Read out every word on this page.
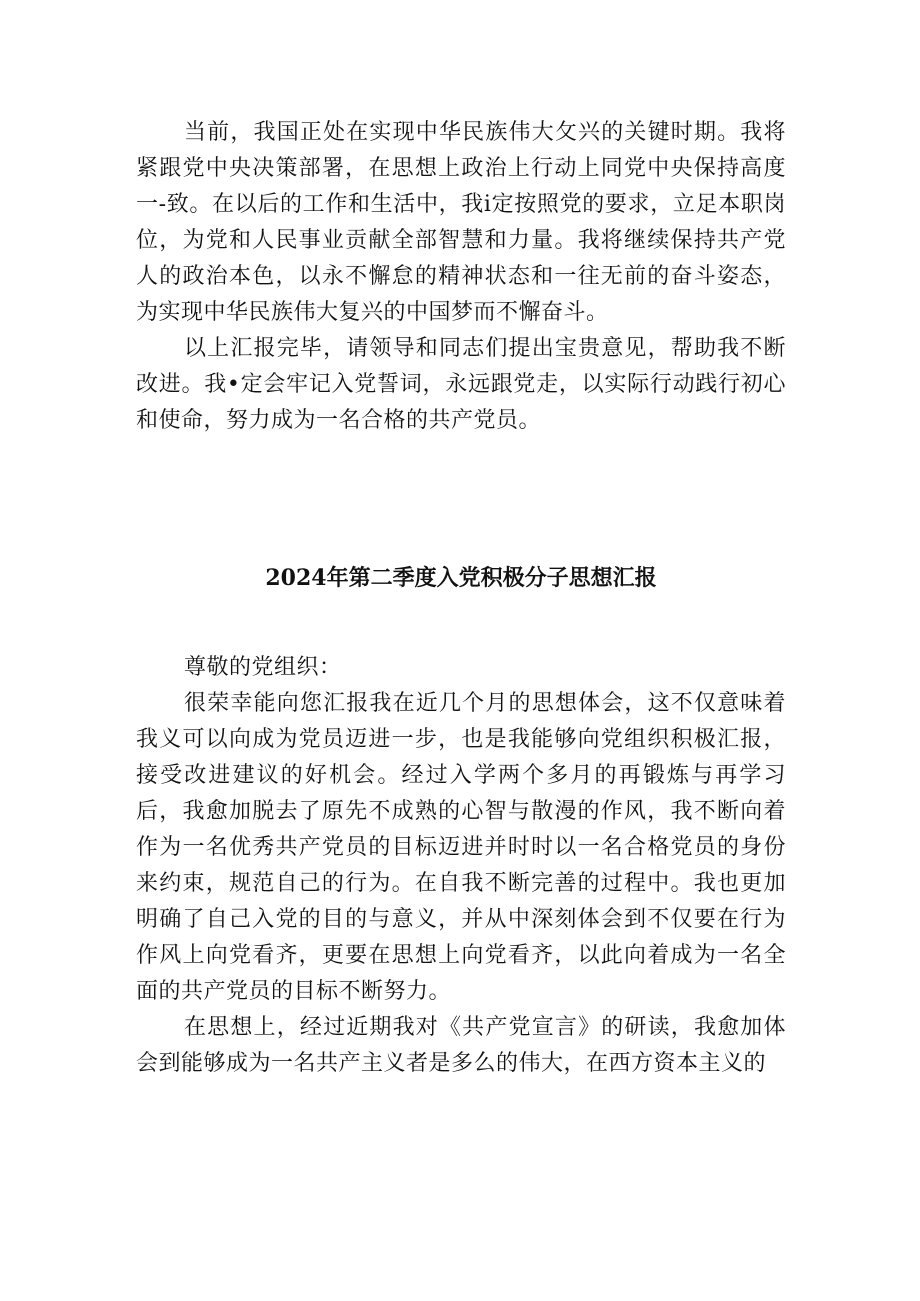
当前，我国正处在实现中华民族伟大攵兴的关键时期。我将紧跟党中央决策部署，在思想上政治上行动上同党中央保持高度一-致。在以后的工作和生活中，我i定按照党的要求，立足本职岗位，为党和人民事业贡献全部智慧和力量。我将继续保持共产党人的政治本色，以永不懈怠的精神状态和一往无前的奋斗姿态，为实现中华民族伟大复兴的中国梦而不懈奋斗。

以上汇报完毕，请领导和同志们提出宝贵意见，帮助我不断改进。我•定会牢记入党誓词，永远跟党走，以实际行动践行初心和使命，努力成为一名合格的共产党员。

2024年第二季度入党积极分子思想汇报

尊敬的党组织：

很荣幸能向您汇报我在近几个月的思想体会，这不仅意味着我义可以向成为党员迈进一步，也是我能够向党组织积极汇报，接受改进建议的好机会。经过入学两个多月的再锻炼与再学习后，我愈加脱去了原先不成熟的心智与散漫的作风，我不断向着作为一名优秀共产党员的目标迈进并时时以一名合格党员的身份来约束，规范自己的行为。在自我不断完善的过程中。我也更加明确了自己入党的目的与意义，并从中深刻体会到不仅要在行为作风上向党看齐，更要在思想上向党看齐，以此向着成为一名全面的共产党员的目标不断努力。

在思想上，经过近期我对《共产党宣言》的研读，我愈加体会到能够成为一名共产主义者是多么的伟大，在西方资本主义的
